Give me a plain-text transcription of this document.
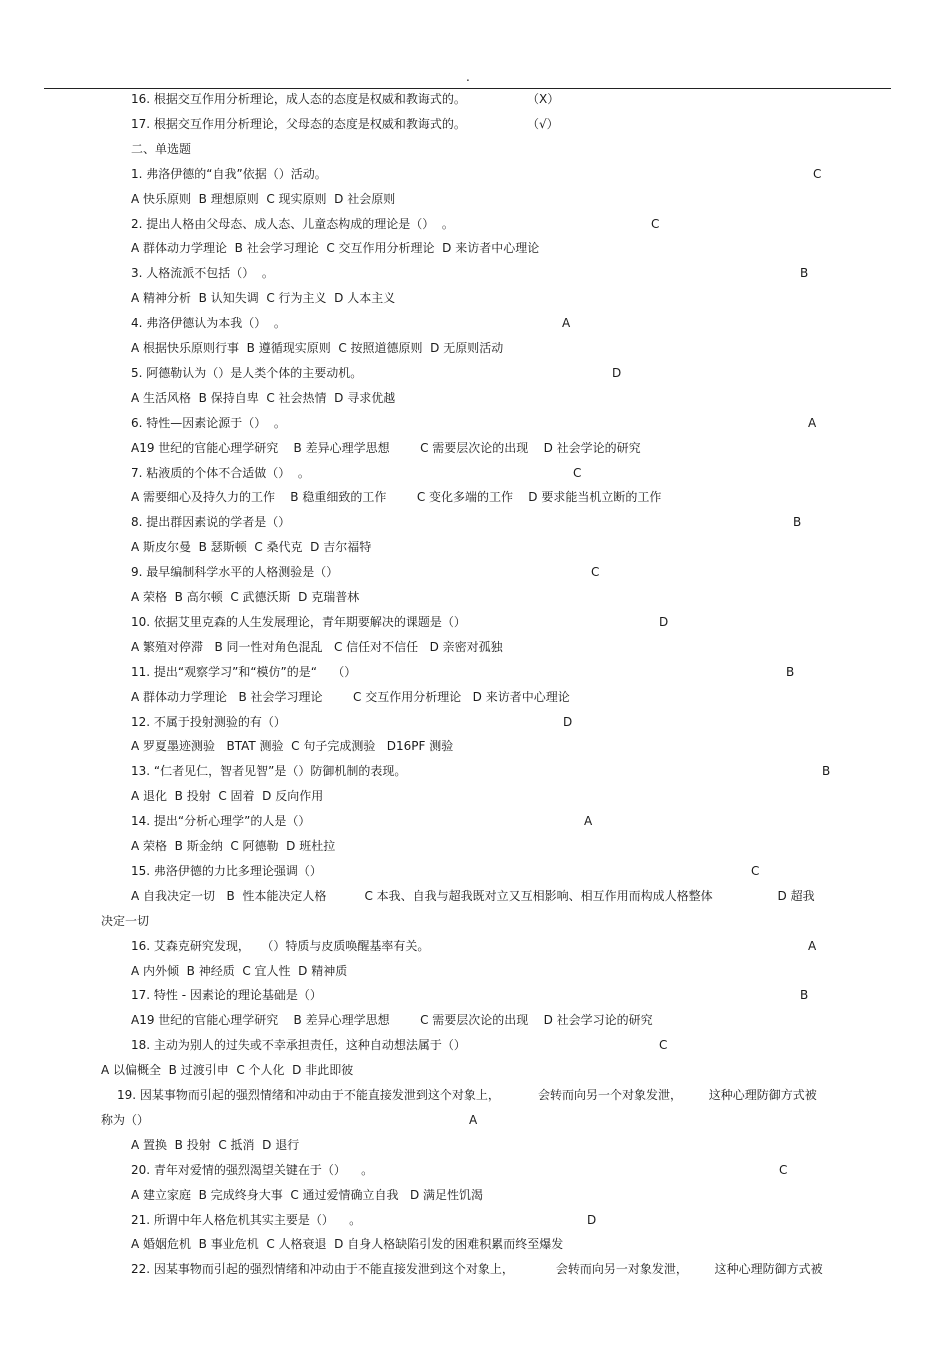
.
16. 根据交互作用分析理论，成人态的态度是权威和教诲式的。	（X）
17. 根据交互作用分析理论，父母态的态度是权威和教诲式的。	（√）
二、单选题
1. 弗洛伊德的“自我”依据（）活动。	C
A 快乐原则  B 理想原则  C 现实原则  D 社会原则
2. 提出人格由父母态、成人态、儿童态构成的理论是（）  。	C
A 群体动力学理论  B 社会学习理论  C 交互作用分析理论  D 来访者中心理论
3. 人格流派不包括（）  。	B
A 精神分析  B 认知失调  C 行为主义  D 人本主义
4. 弗洛伊德认为本我（）  。	A
A 根据快乐原则行事  B 遵循现实原则  C 按照道德原则  D 无原则活动
5. 阿德勒认为（）是人类个体的主要动机。	D
A 生活风格  B 保持自卑  C 社会热情  D 寻求优越
6. 特性—因素论源于（）  。	A
A19 世纪的官能心理学研究    B 差异心理学思想        C 需要层次论的出现    D 社会学论的研究
7. 粘液质的个体不合适做（）  。	C
A 需要细心及持久力的工作    B 稳重细致的工作        C 变化多端的工作    D 要求能当机立断的工作
8. 提出群因素说的学者是（）	B
A 斯皮尔曼  B 瑟斯顿  C 桑代克  D 吉尔福特
9. 最早编制科学水平的人格测验是（）	C
A 荣格  B 高尔顿  C 武德沃斯  D 克瑞普林
10. 依据艾里克森的人生发展理论，青年期要解决的课题是（）	D
A 繁殖对停滞   B 同一性对角色混乱   C 信任对不信任   D 亲密对孤独
11. 提出“观察学习”和“模仿”的是“    （）	B
A 群体动力学理论   B 社会学习理论        C 交互作用分析理论   D 来访者中心理论
12. 不属于投射测验的有（）	D
A 罗夏墨迹测验   BTAT 测验  C 句子完成测验   D16PF 测验
13. “仁者见仁，智者见智”是（）防御机制的表现。	B
A 退化  B 投射  C 固着  D 反向作用
14. 提出“分析心理学”的人是（）	A
A 荣格  B 斯金纳  C 阿德勒  D 班杜拉
15. 弗洛伊德的力比多理论强调（）	C
A 自我决定一切   B  性本能决定人格          C 本我、自我与超我既对立又互相影响、相互作用而构成人格整体                 D 超我
决定一切
16. 艾森克研究发现，   （）特质与皮质唤醒基率有关。	A
A 内外倾  B 神经质  C 宜人性  D 精神质
17. 特性 - 因素论的理论基础是（）	B
A19 世纪的官能心理学研究    B 差异心理学思想        C 需要层次论的出现    D 社会学习论的研究
18. 主动为别人的过失或不幸承担责任，这种自动想法属于（）	C
A 以偏概全  B 过渡引申  C 个人化  D 非此即彼
19. 因某事物而引起的强烈情绪和冲动由于不能直接发泄到这个对象上，          会转而向另一个对象发泄，       这种心理防御方式被
称为（）	A
A 置换  B 投射  C 抵消  D 退行
20. 青年对爱情的强烈渴望关键在于（）    。	C
A 建立家庭  B 完成终身大事  C 通过爱情确立自我   D 满足性饥渴
21. 所谓中年人格危机其实主要是（）    。	D
A 婚姻危机  B 事业危机  C 人格衰退  D 自身人格缺陷引发的困难积累而终至爆发
22. 因某事物而引起的强烈情绪和冲动由于不能直接发泄到这个对象上，           会转而向另一对象发泄，       这种心理防御方式被
